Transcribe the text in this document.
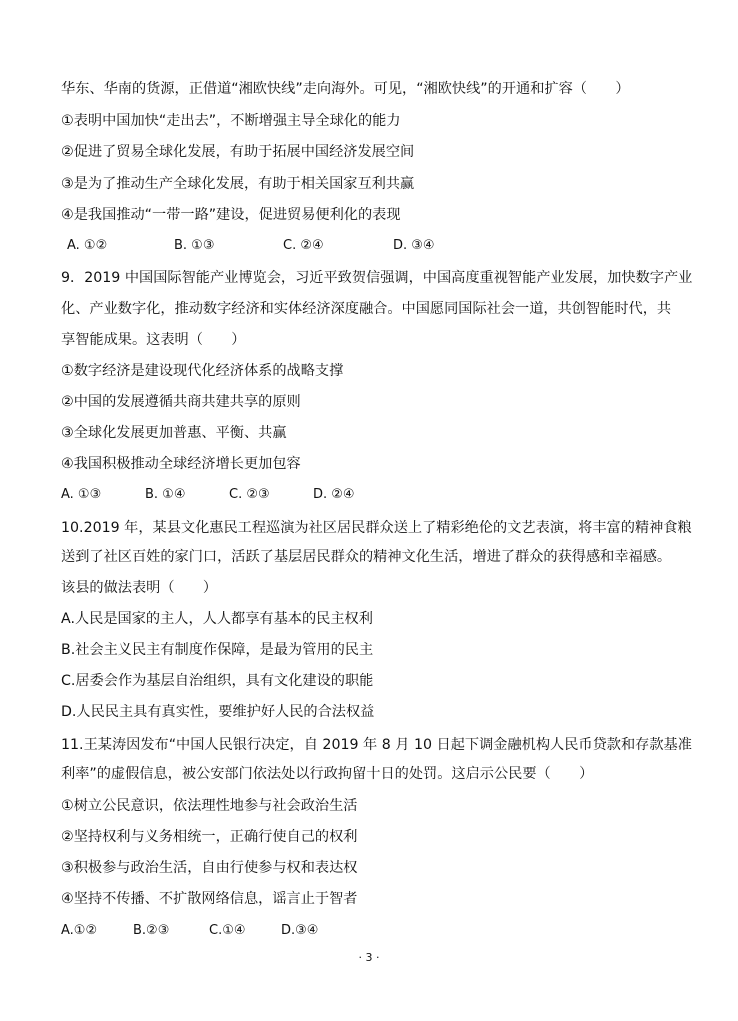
华东、华南的货源，正借道“湘欧快线”走向海外。可见，“湘欧快线”的开通和扩容（　　）
①表明中国加快“走出去”，不断增强主导全球化的能力
②促进了贸易全球化发展，有助于拓展中国经济发展空间
③是为了推动生产全球化发展，有助于相关国家互利共赢
④是我国推动“一带一路”建设，促进贸易便利化的表现
A. ①②	B. ①③	C. ②④	D. ③④
9．2019 中国国际智能产业博览会，习近平致贺信强调，中国高度重视智能产业发展，加快数字产业
化、产业数字化，推动数字经济和实体经济深度融合。中国愿同国际社会一道，共创智能时代，共
享智能成果。这表明（　　）
①数字经济是建设现代化经济体系的战略支撑
②中国的发展遵循共商共建共享的原则
③全球化发展更加普惠、平衡、共赢
④我国积极推动全球经济增长更加包容
A. ①③	B. ①④	C. ②③	D. ②④
10.2019 年，某县文化惠民工程巡演为社区居民群众送上了精彩绝伦的文艺表演，将丰富的精神食粮
送到了社区百姓的家门口，活跃了基层居民群众的精神文化生活，增进了群众的获得感和幸福感。
该县的做法表明（　　）
A.人民是国家的主人，人人都享有基本的民主权利
B.社会主义民主有制度作保障，是最为管用的民主
C.居委会作为基层自治组织，具有文化建设的职能
D.人民民主具有真实性，要维护好人民的合法权益
11.王某涛因发布“中国人民银行决定，自 2019 年 8 月 10 日起下调金融机构人民币贷款和存款基准
利率”的虚假信息，被公安部门依法处以行政拘留十日的处罚。这启示公民要（　　）
①树立公民意识，依法理性地参与社会政治生活
②坚持权利与义务相统一，正确行使自己的权利
③积极参与政治生活，自由行使参与权和表达权
④坚持不传播、不扩散网络信息，谣言止于智者
A.①②	B.②③	C.①④	D.③④
· 3 ·
